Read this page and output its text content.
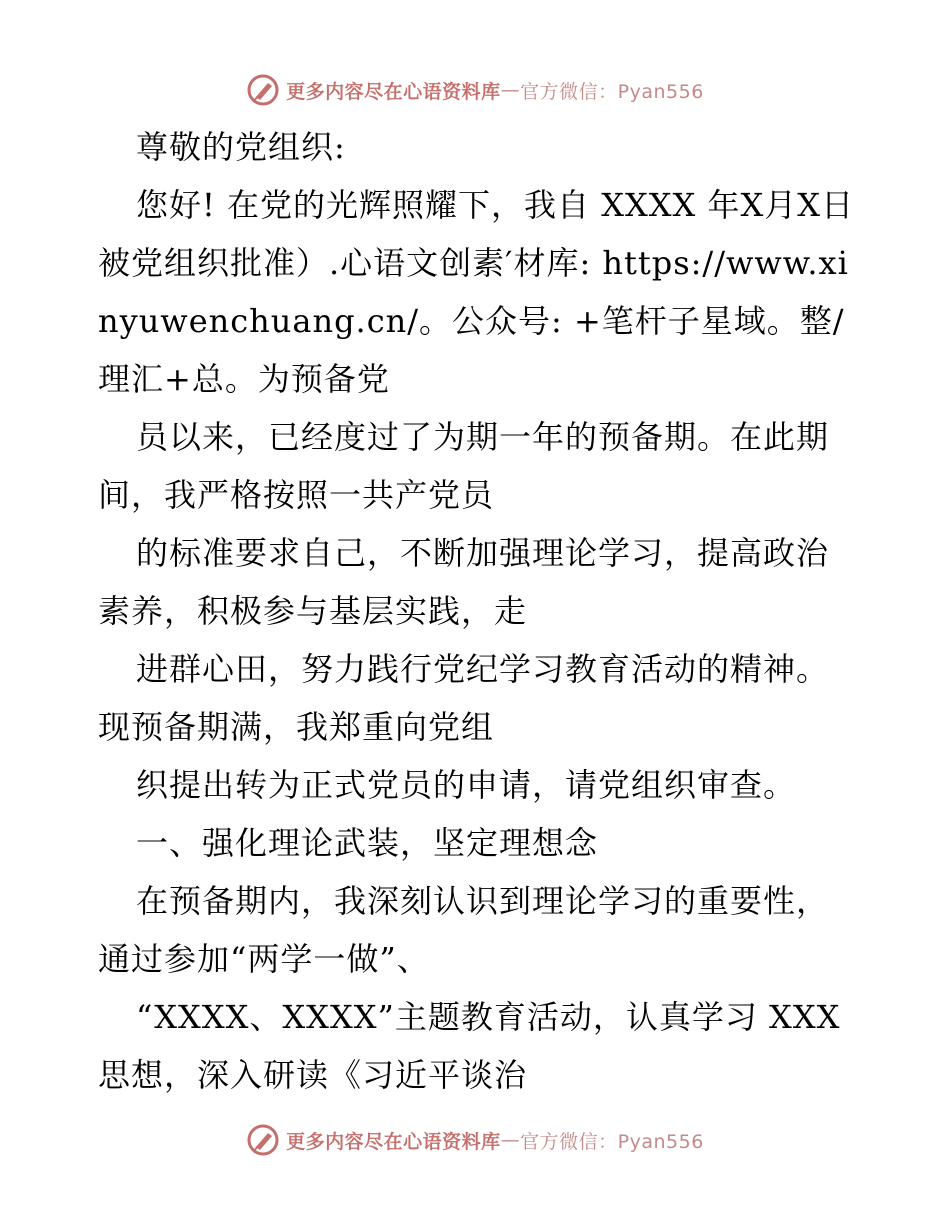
更多内容尽在心语资料库 — 官方微信：Pyan556

尊敬的党组织:

您好! 在党的光辉照耀下，我自 XXXX 年X月X日被党组织批准）.心语文创素′材库: https://www.xinyuwenchuang.cn/。公众号: +笔杆子星域。整/理汇+总。为预备党

员以来，已经度过了为期一年的预备期。在此期间，我严格按照一共产党员

的标准要求自己，不断加强理论学习，提高政治素养，积极参与基层实践，走

进群心田，努力践行党纪学习教育活动的精神。现预备期满，我郑重向党组

织提出转为正式党员的申请，请党组织审查。

一、强化理论武装，坚定理想念

在预备期内，我深刻认识到理论学习的重要性，通过参加“两学一做”、

“XXXX、XXXX”主题教育活动，认真学习 XXX 思想，深入研读《习近平谈治

更多内容尽在心语资料库 — 官方微信：Pyan556
